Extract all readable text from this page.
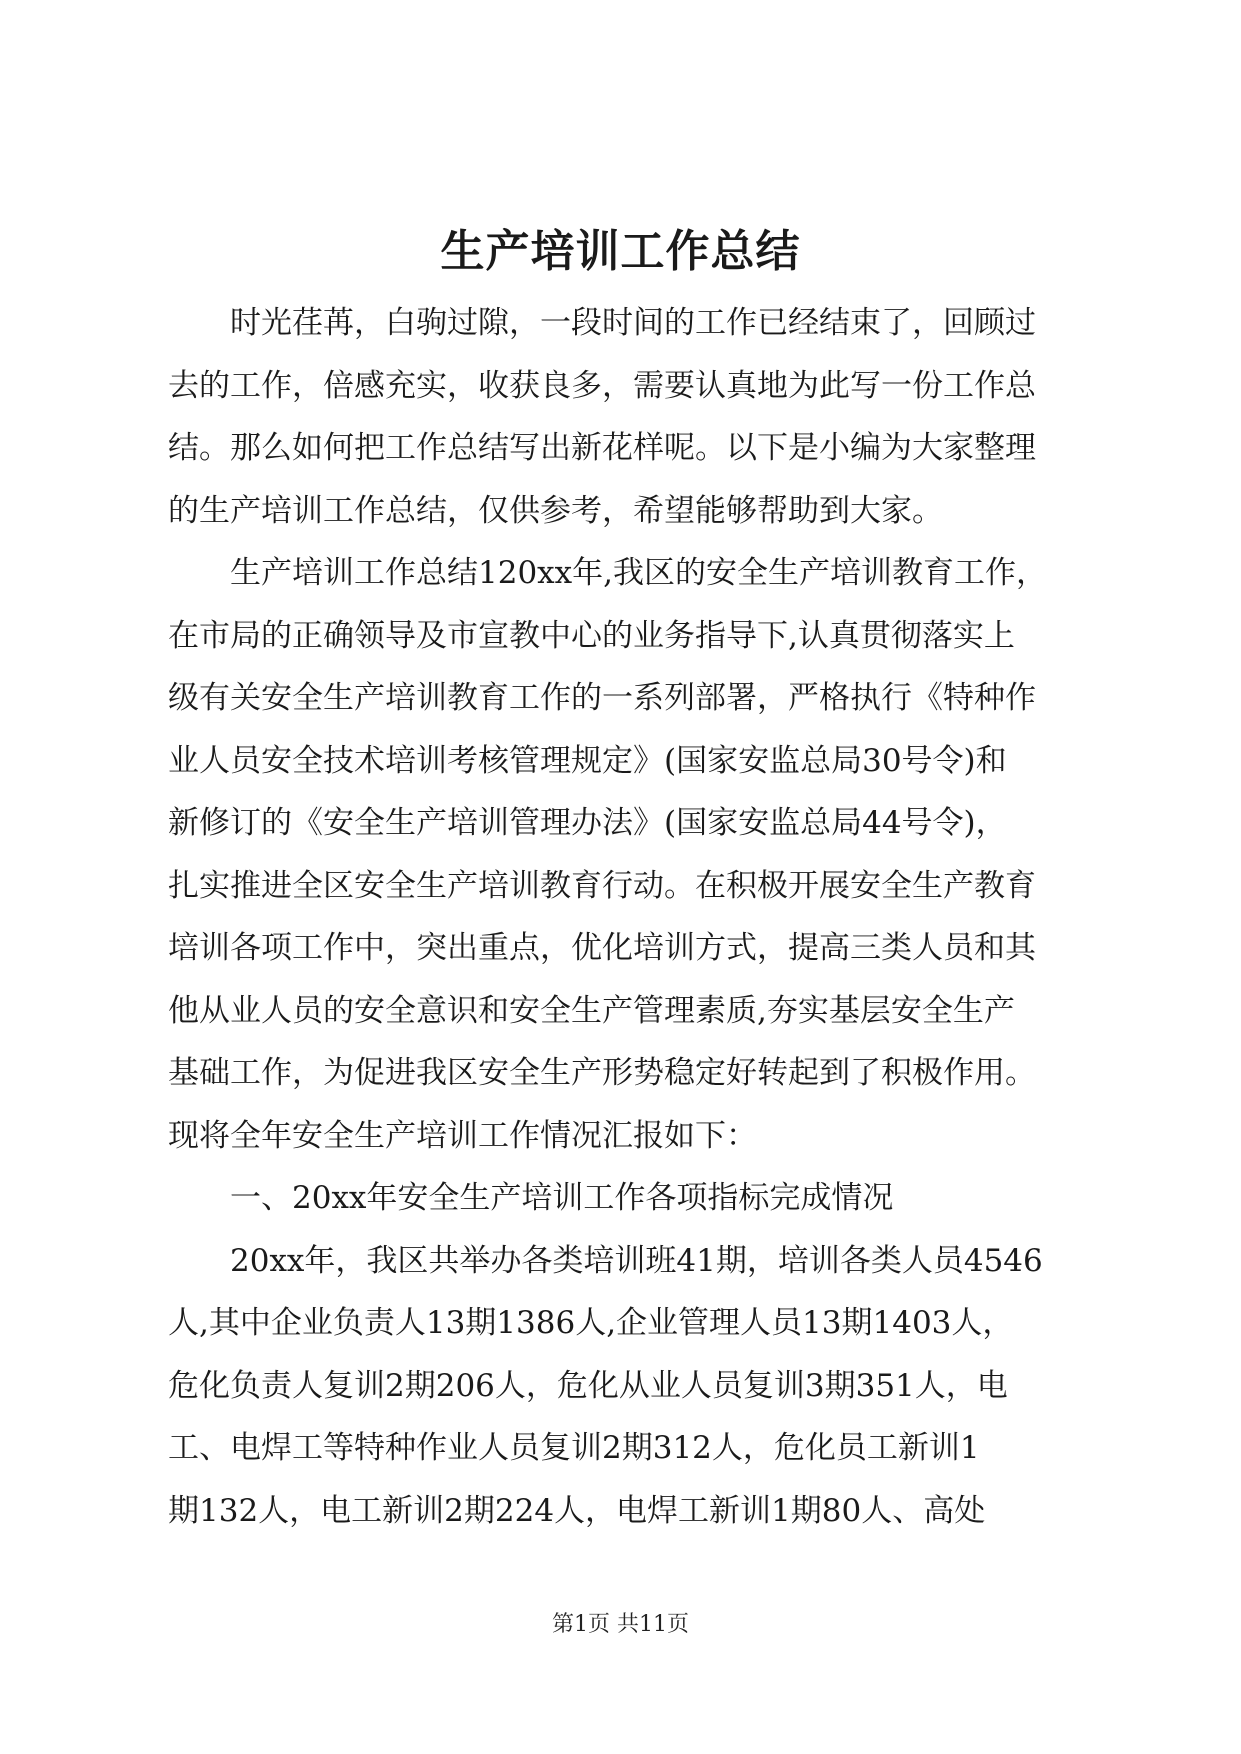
生产培训工作总结
　　时光荏苒，白驹过隙，一段时间的工作已经结束了，回顾过
去的工作，倍感充实，收获良多，需要认真地为此写一份工作总
结。那么如何把工作总结写出新花样呢。以下是小编为大家整理
的生产培训工作总结，仅供参考，希望能够帮助到大家。
　　生产培训工作总结120xx年,我区的安全生产培训教育工作，
在市局的正确领导及市宣教中心的业务指导下,认真贯彻落实上
级有关安全生产培训教育工作的一系列部署，严格执行《特种作
业人员安全技术培训考核管理规定》(国家安监总局30号令)和
新修订的《安全生产培训管理办法》(国家安监总局44号令)，
扎实推进全区安全生产培训教育行动。在积极开展安全生产教育
培训各项工作中，突出重点，优化培训方式，提高三类人员和其
他从业人员的安全意识和安全生产管理素质,夯实基层安全生产
基础工作，为促进我区安全生产形势稳定好转起到了积极作用。
现将全年安全生产培训工作情况汇报如下：
　　一、20xx年安全生产培训工作各项指标完成情况
　　20xx年，我区共举办各类培训班41期，培训各类人员4546
人,其中企业负责人13期1386人,企业管理人员13期1403人，
危化负责人复训2期206人，危化从业人员复训3期351人，电
工、电焊工等特种作业人员复训2期312人，危化员工新训1
期132人，电工新训2期224人，电焊工新训1期80人、高处
第1页 共11页
